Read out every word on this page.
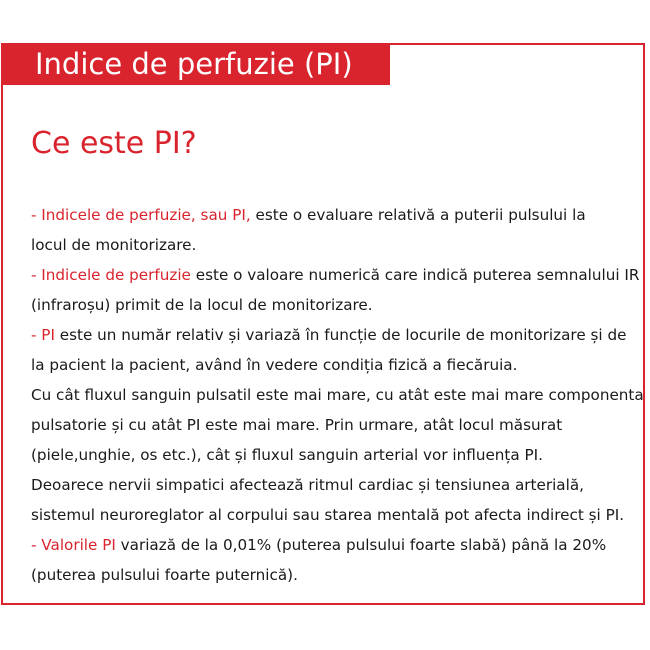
Indice de perfuzie (PI)
Ce este PI?
- Indicele de perfuzie, sau PI, este o evaluare relativă a puterii pulsului la
locul de monitorizare.
- Indicele de perfuzie este o valoare numerică care indică puterea semnalului IR
(infraroșu) primit de la locul de monitorizare.
- PI este un număr relativ și variază în funcție de locurile de monitorizare și de
la pacient la pacient, având în vedere condiția fizică a fiecăruia.
Cu cât fluxul sanguin pulsatil este mai mare, cu atât este mai mare componenta
pulsatorie și cu atât PI este mai mare. Prin urmare, atât locul măsurat
(piele,unghie, os etc.), cât și fluxul sanguin arterial vor influența PI.
Deoarece nervii simpatici afectează ritmul cardiac și tensiunea arterială,
sistemul neuroreglator al corpului sau starea mentală pot afecta indirect și PI.
- Valorile PI variază de la 0,01% (puterea pulsului foarte slabă) până la 20%
(puterea pulsului foarte puternică).
